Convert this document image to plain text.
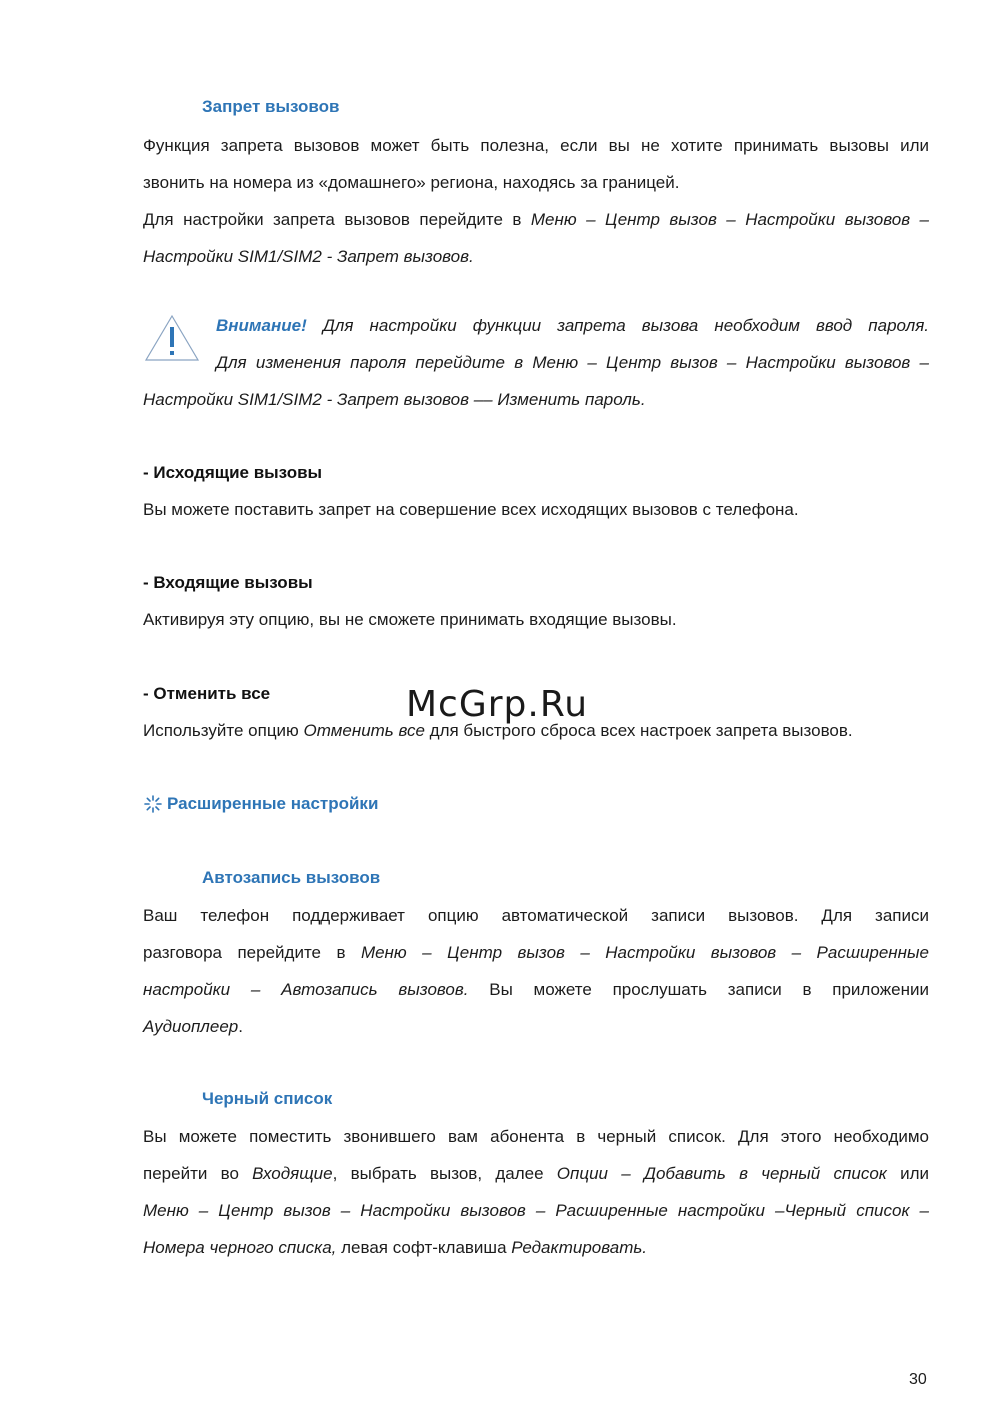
Запрет вызовов
Функция запрета вызовов может быть полезна, если вы не хотите принимать вызовы или
звонить на номера из «домашнего» региона, находясь за границей.
Для настройки запрета вызовов перейдите в Меню – Центр вызов – Настройки вызовов –
Настройки SIM1/SIM2 - Запрет вызовов.
Внимание! Для настройки функции запрета вызова необходим ввод пароля.
Для изменения пароля перейдите в Меню – Центр вызов – Настройки вызовов –
Настройки SIM1/SIM2 - Запрет вызовов –– Изменить пароль.
- Исходящие вызовы
Вы можете поставить запрет на совершение всех исходящих вызовов с телефона.
- Входящие вызовы
Активируя эту опцию, вы не сможете принимать входящие вызовы.
- Отменить все
Используйте опцию Отменить все для быстрого сброса всех настроек запрета вызовов.
McGrp.Ru
Расширенные настройки
Автозапись вызовов
Ваш телефон поддерживает опцию автоматической записи вызовов. Для записи
разговора перейдите в Меню – Центр вызов – Настройки вызовов – Расширенные
настройки – Автозапись вызовов. Вы можете прослушать записи в приложении
Аудиоплеер.
Черный список
Вы можете поместить звонившего вам абонента в черный список. Для этого необходимо
перейти во Входящие, выбрать вызов, далее Опции – Добавить в черный список или
Меню – Центр вызов – Настройки вызовов – Расширенные настройки –Черный список –
Номера черного списка, левая софт-клавиша Редактировать.
30
